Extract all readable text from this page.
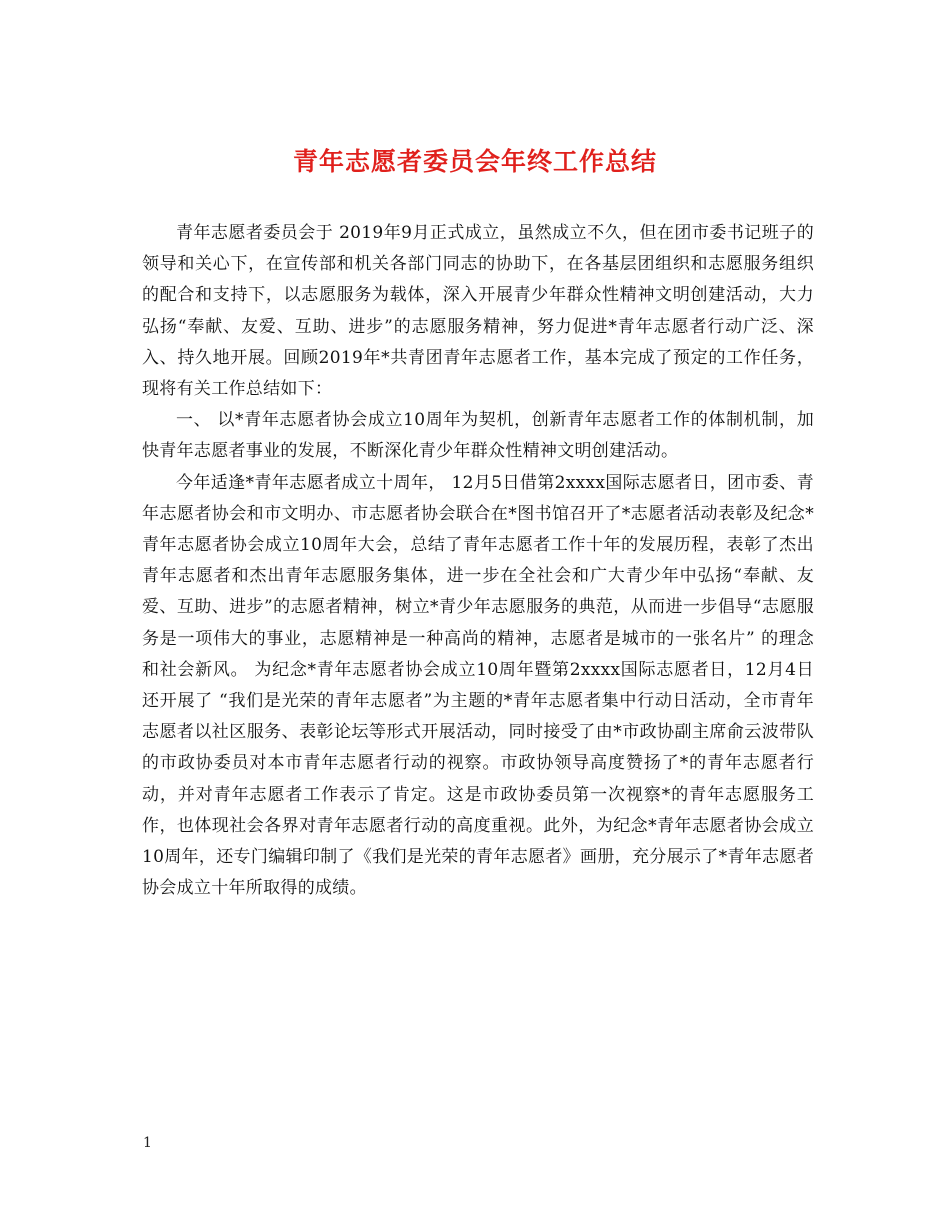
青年志愿者委员会年终工作总结

青年志愿者委员会于 2019年9月正式成立，虽然成立不久，但在团市委书记班子的领导和关心下，在宣传部和机关各部门同志的协助下，在各基层团组织和志愿服务组织的配合和支持下，以志愿服务为载体，深入开展青少年群众性精神文明创建活动，大力弘扬“奉献、友爱、互助、进步”的志愿服务精神，努力促进*青年志愿者行动广泛、深入、持久地开展。回顾2019年*共青团青年志愿者工作，基本完成了预定的工作任务，现将有关工作总结如下：

一、 以*青年志愿者协会成立10周年为契机，创新青年志愿者工作的体制机制，加快青年志愿者事业的发展，不断深化青少年群众性精神文明创建活动。

今年适逢*青年志愿者成立十周年， 12月5日借第2xxxx国际志愿者日，团市委、青年志愿者协会和市文明办、市志愿者协会联合在*图书馆召开了*志愿者活动表彰及纪念*青年志愿者协会成立10周年大会，总结了青年志愿者工作十年的发展历程，表彰了杰出青年志愿者和杰出青年志愿服务集体，进一步在全社会和广大青少年中弘扬“奉献、友爱、互助、进步”的志愿者精神，树立*青少年志愿服务的典范，从而进一步倡导“志愿服务是一项伟大的事业，志愿精神是一种高尚的精神，志愿者是城市的一张名片” 的理念和社会新风。 为纪念*青年志愿者协会成立10周年暨第2xxxx国际志愿者日，12月4日还开展了 “我们是光荣的青年志愿者”为主题的*青年志愿者集中行动日活动，全市青年志愿者以社区服务、表彰论坛等形式开展活动，同时接受了由*市政协副主席俞云波带队的市政协委员对本市青年志愿者行动的视察。市政协领导高度赞扬了*的青年志愿者行动，并对青年志愿者工作表示了肯定。这是市政协委员第一次视察*的青年志愿服务工作，也体现社会各界对青年志愿者行动的高度重视。此外，为纪念*青年志愿者协会成立10周年，还专门编辑印制了《我们是光荣的青年志愿者》画册，充分展示了*青年志愿者协会成立十年所取得的成绩。

1
